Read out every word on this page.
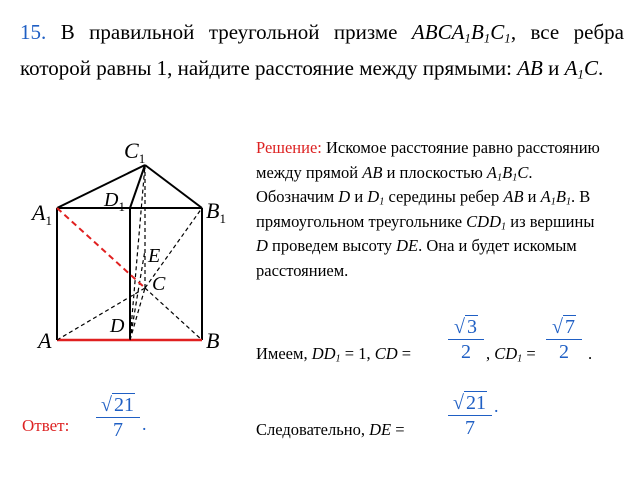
15. В правильной треугольной призме $ABCA_1B_1C_1$, все ребра которой равны 1, найдите расстояние между прямыми: AB и $A_1C$.
$C_1$
$D_1$
$A_1$	$B_1$
E
C
D
A	B
Решение: Искомое расстояние равно расстоянию между прямой AB и плоскостью $A_1B_1C$. Обозначим D и $D_1$ середины ребер AB и $A_1B_1$. В прямоугольном треугольнике $CDD_1$ из вершины D проведем высоту DE. Она и будет искомым расстоянием.
Имеем, $DD_1 = 1$, CD =	, $CD_1$ =	.
√ 3
2
√ 7
2
Следовательно, DE =
√ 21
7
.
Ответ:
√ 21
7	.
